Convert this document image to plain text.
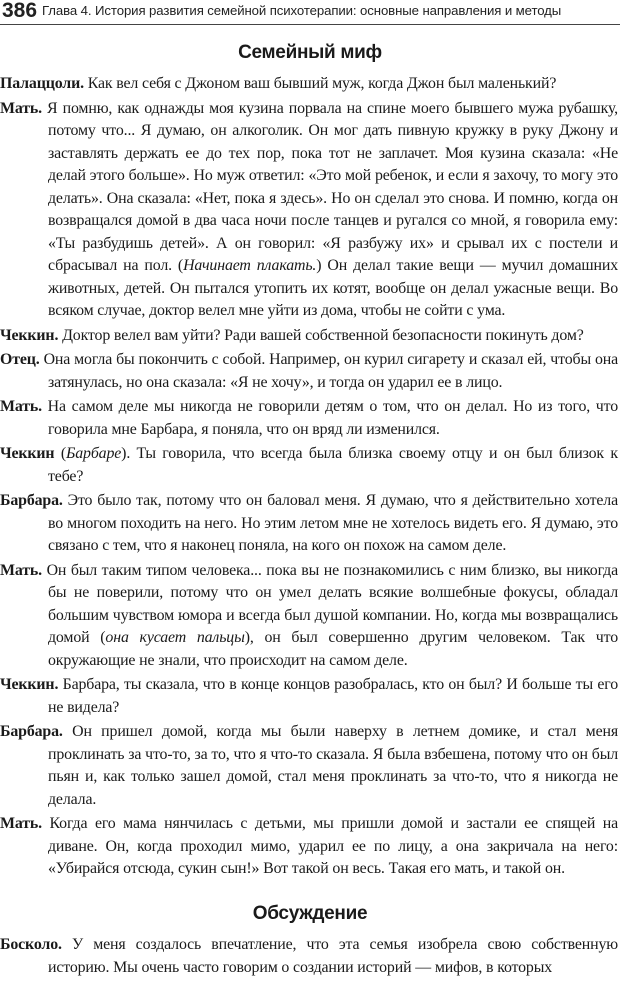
386 Глава 4. История развития семейной психотерапии: основные направления и методы
Семейный миф

Палаццоли. Как вел себя с Джоном ваш бывший муж, когда Джон был маленький?

Мать. Я помню, как однажды моя кузина порвала на спине моего бывшего мужа рубашку, потому что... Я думаю, он алкоголик. Он мог дать пивную кружку в руку Джону и заставлять держать ее до тех пор, пока тот не заплачет. Моя кузина сказала: «Не делай этого больше». Но муж ответил: «Это мой ребенок, и если я захочу, то могу это делать». Она сказала: «Нет, пока я здесь». Но он сделал это снова. И помню, когда он возвращался домой в два часа ночи после танцев и ругался со мной, я говорила ему: «Ты разбудишь детей». А он говорил: «Я разбужу их» и срывал их с постели и сбрасывал на пол. (Начинает плакать.) Он делал такие вещи — мучил домашних животных, детей. Он пытался утопить их котят, вообще он делал ужасные вещи. Во всяком случае, доктор велел мне уйти из дома, чтобы не сойти с ума.

Чеккин. Доктор велел вам уйти? Ради вашей собственной безопасности покинуть дом?

Отец. Она могла бы покончить с собой. Например, он курил сигарету и сказал ей, чтобы она затянулась, но она сказала: «Я не хочу», и тогда он ударил ее в лицо.

Мать. На самом деле мы никогда не говорили детям о том, что он делал. Но из того, что говорила мне Барбара, я поняла, что он вряд ли изменился.

Чеккин (Барбаре). Ты говорила, что всегда была близка своему отцу и он был близок к тебе?

Барбара. Это было так, потому что он баловал меня. Я думаю, что я действительно хотела во многом походить на него. Но этим летом мне не хотелось видеть его. Я думаю, это связано с тем, что я наконец поняла, на кого он похож на самом деле.

Мать. Он был таким типом человека... пока вы не познакомились с ним близко, вы никогда бы не поверили, потому что он умел делать всякие волшебные фокусы, обладал большим чувством юмора и всегда был душой компании. Но, когда мы возвращались домой (она кусает пальцы), он был совершенно другим человеком. Так что окружающие не знали, что происходит на самом деле.

Чеккин. Барбара, ты сказала, что в конце концов разобралась, кто он был? И больше ты его не видела?

Барбара. Он пришел домой, когда мы были наверху в летнем домике, и стал меня проклинать за что-то, за то, что я что-то сказала. Я была взбешена, потому что он был пьян и, как только зашел домой, стал меня проклинать за что-то, что я никогда не делала.

Мать. Когда его мама нянчилась с детьми, мы пришли домой и застали ее спящей на диване. Он, когда проходил мимо, ударил ее по лицу, а она закричала на него: «Убирайся отсюда, сукин сын!» Вот такой он весь. Такая его мать, и такой он.

Обсуждение

Босколо. У меня создалось впечатление, что эта семья изобрела свою собственную историю. Мы очень часто говорим о создании историй — мифов, в которых
